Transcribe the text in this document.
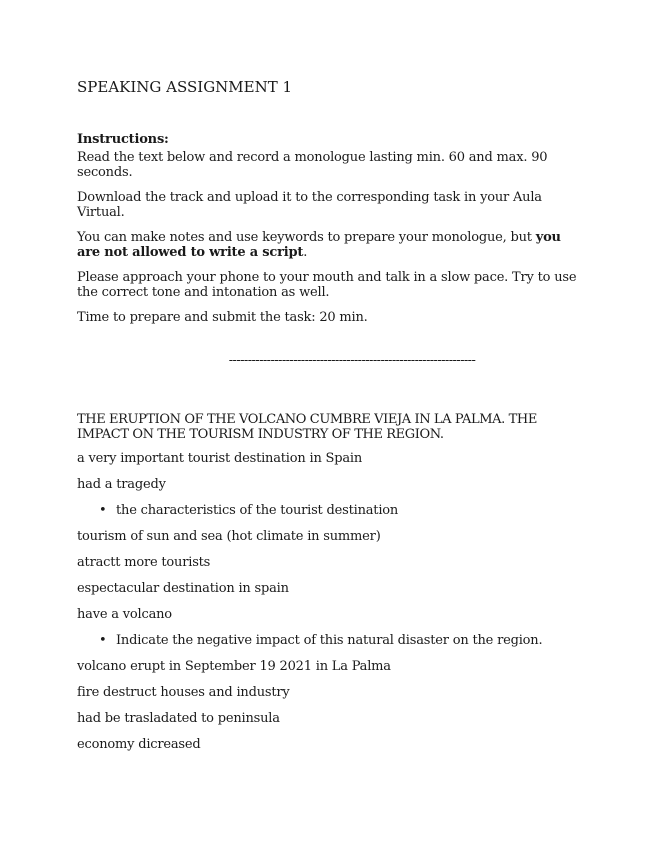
SPEAKING ASSIGNMENT 1
Instructions:
Read the text below and record a monologue lasting min. 60 and max. 90 seconds.
Download the track and upload it to the corresponding task in your Aula Virtual.
You can make notes and use keywords to prepare your monologue, but you are not allowed to write a script.
Please approach your phone to your mouth and talk in a slow pace. Try to use the correct tone and intonation as well.
Time to prepare and submit the task: 20 min.
-----------------------------------------------------------------
THE ERUPTION OF THE VOLCANO CUMBRE VIEJA IN LA PALMA. THE IMPACT ON THE TOURISM INDUSTRY OF THE REGION.
a very important tourist destination in Spain
had a tragedy
• the characteristics of the tourist destination
tourism of sun and sea (hot climate in summer)
atractt more tourists
espectacular destination in spain
have a volcano
• Indicate the negative impact of this natural disaster on the region.
volcano erupt in September 19 2021 in La Palma
fire destruct houses and industry
had be trasladated to peninsula
economy dicreased
